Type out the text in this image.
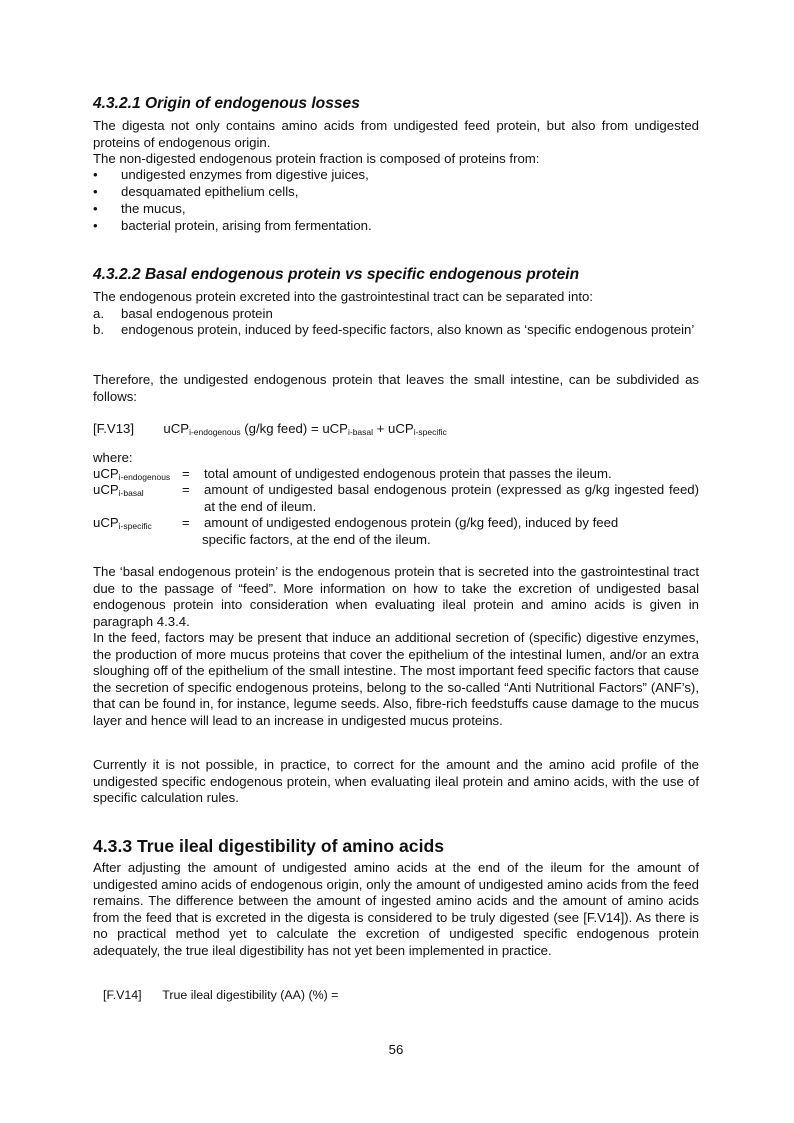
4.3.2.1 Origin of endogenous losses
The digesta not only contains amino acids from undigested feed protein, but also from undigested proteins of endogenous origin.
The non-digested endogenous protein fraction is composed of proteins from:
• undigested enzymes from digestive juices,
• desquamated epithelium cells,
• the mucus,
• bacterial protein, arising from fermentation.
4.3.2.2 Basal endogenous protein vs specific endogenous protein
The endogenous protein excreted into the gastrointestinal tract can be separated into:
a. basal endogenous protein
b. endogenous protein, induced by feed-specific factors, also known as ‘specific endogenous protein’
Therefore, the undigested endogenous protein that leaves the small intestine, can be subdivided as follows:
[F.V13] uCP$_{i-endogenous}$ (g/kg feed) = uCP$_{i-basal}$ + uCP$_{i-specific}$
where:
uCP$_{i-endogenous}$ = total amount of undigested endogenous protein that passes the ileum.
uCP$_{i-basal}$	= amount of undigested basal endogenous protein (expressed as g/kg ingested feed) at the end of ileum.
uCP$_{i-specific}$ = amount of undigested endogenous protein (g/kg feed), induced by feed
specific factors, at the end of the ileum.
The ‘basal endogenous protein’ is the endogenous protein that is secreted into the gastrointestinal tract due to the passage of “feed”. More information on how to take the excretion of undigested basal endogenous protein into consideration when evaluating ileal protein and amino acids is given in paragraph 4.3.4.
In the feed, factors may be present that induce an additional secretion of (specific) digestive enzymes, the production of more mucus proteins that cover the epithelium of the intestinal lumen, and/or an extra sloughing off of the epithelium of the small intestine. The most important feed specific factors that cause the secretion of specific endogenous proteins, belong to the so-called “Anti Nutritional Factors” (ANF’s), that can be found in, for instance, legume seeds. Also, fibre-rich feedstuffs cause damage to the mucus layer and hence will lead to an increase in undigested mucus proteins.
Currently it is not possible, in practice, to correct for the amount and the amino acid profile of the undigested specific endogenous protein, when evaluating ileal protein and amino acids, with the use of specific calculation rules.
4.3.3 True ileal digestibility of amino acids
After adjusting the amount of undigested amino acids at the end of the ileum for the amount of undigested amino acids of endogenous origin, only the amount of undigested amino acids from the feed remains. The difference between the amount of ingested amino acids and the amount of amino acids from the feed that is excreted in the digesta is considered to be truly digested (see [F.V14]). As there is no practical method yet to calculate the excretion of undigested specific endogenous protein adequately, the true ileal digestibility has not yet been implemented in practice.
[F.V14] True ileal digestibility (AA) (%) =
56
